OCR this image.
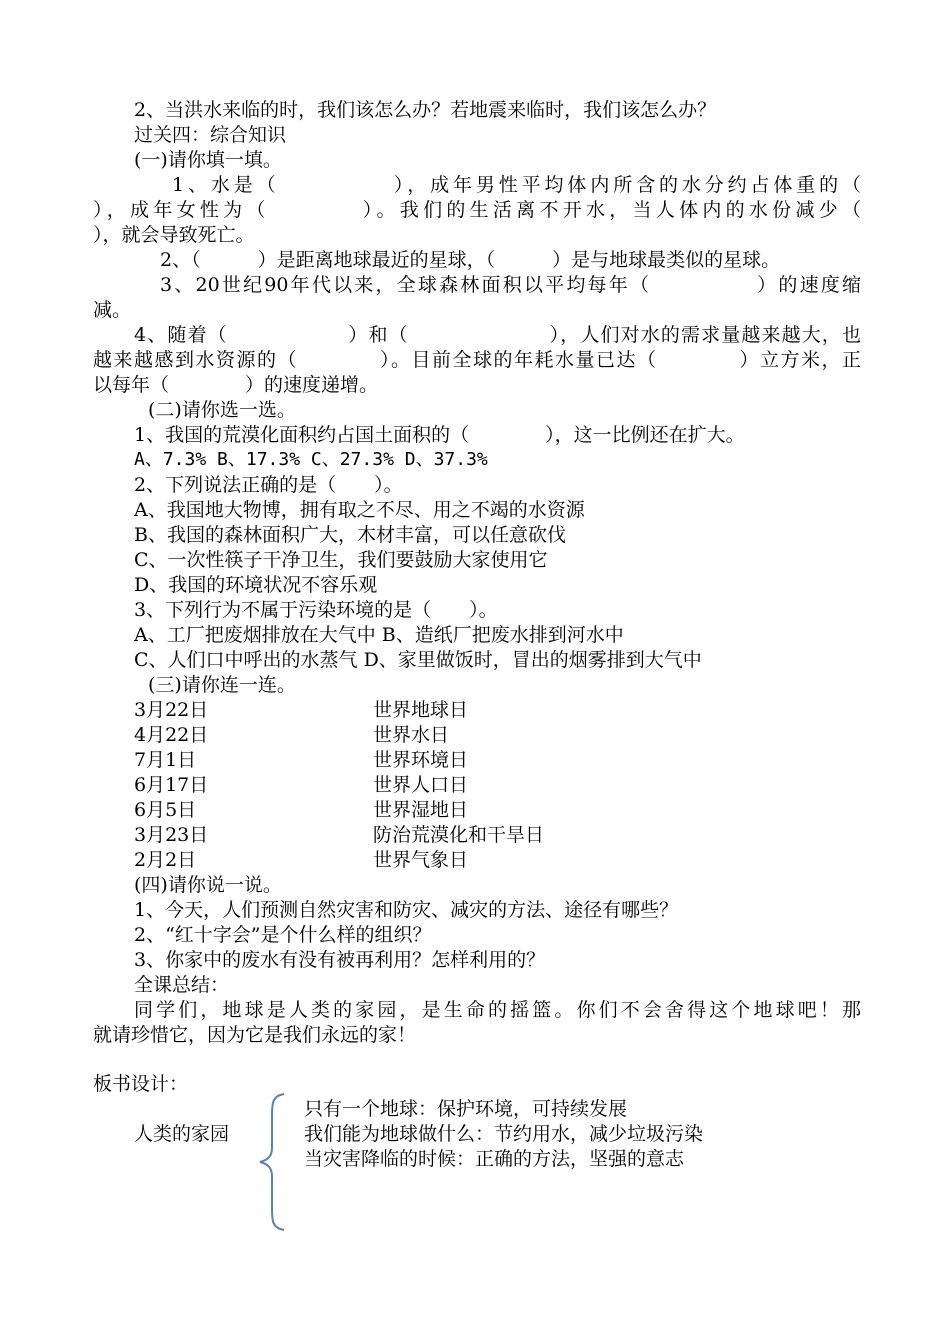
2、当洪水来临的时，我们该怎么办？若地震来临时，我们该怎么办？
过关四：综合知识
(一)请你填一填。
1、水是（　　　　　），成年男性平均体内所含的水分约占体重的（
），成年女性为（　　　　）。我们的生活离不开水，当人体内的水份减少（
），就会导致死亡。
2、（　　　）是距离地球最近的星球，（　　　）是与地球最类似的星球。
3、20世纪90年代以来，全球森林面积以平均每年（　　　　　）的速度缩
减。
4、随着（　　　　　　）和（　　　　　　　），人们对水的需求量越来越大，也
越来越感到水资源的（　　　　）。目前全球的年耗水量已达（　　　　）立方米，正
以每年（　　　　）的速度递增。
(二)请你选一选。
1、我国的荒漠化面积约占国土面积的（　　　　），这一比例还在扩大。
A、7.3% B、17.3% C、27.3% D、37.3%
2、下列说法正确的是（　　）。
A、我国地大物博，拥有取之不尽、用之不竭的水资源
B、我国的森林面积广大，木材丰富，可以任意砍伐
C、一次性筷子干净卫生，我们要鼓励大家使用它
D、我国的环境状况不容乐观
3、下列行为不属于污染环境的是（　　）。
A、工厂把废烟排放在大气中 B、造纸厂把废水排到河水中
C、人们口中呼出的水蒸气 D、家里做饭时，冒出的烟雾排到大气中
(三)请你连一连。
3月22日	世界地球日
4月22日	世界水日
7月1日	世界环境日
6月17日	世界人口日
6月5日	世界湿地日
3月23日	防治荒漠化和干旱日
2月2日	世界气象日
(四)请你说一说。
1、今天，人们预测自然灾害和防灾、减灾的方法、途径有哪些？
2、“红十字会”是个什么样的组织？
3、你家中的废水有没有被再利用？怎样利用的？
全课总结：
同学们，地球是人类的家园，是生命的摇篮。你们不会舍得这个地球吧！那
就请珍惜它，因为它是我们永远的家！
板书设计：
人类的家园
只有一个地球：保护环境，可持续发展
我们能为地球做什么：节约用水，减少垃圾污染
当灾害降临的时候：正确的方法，坚强的意志
